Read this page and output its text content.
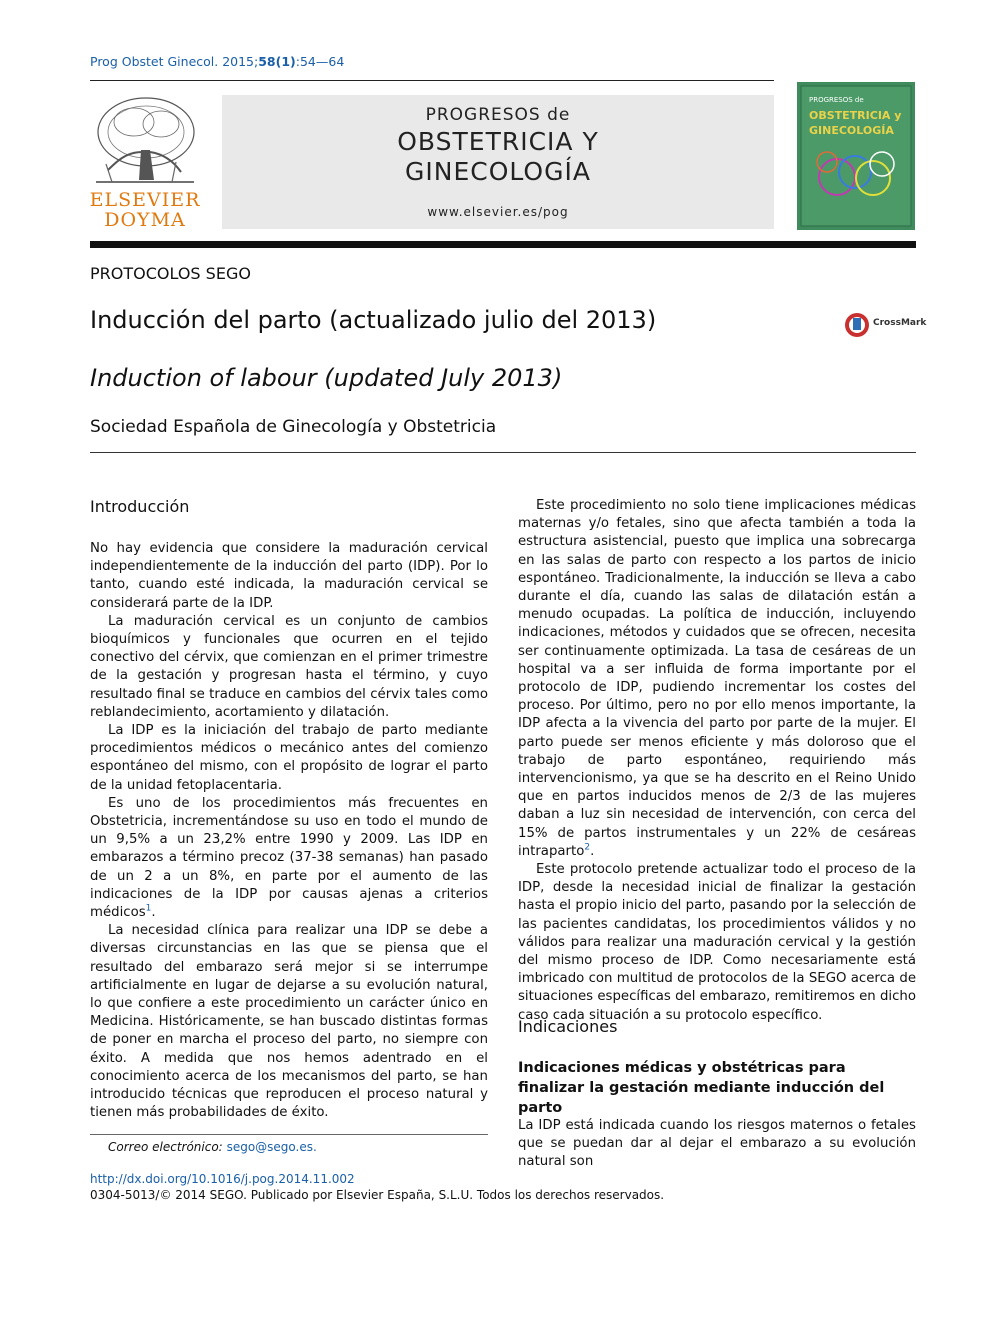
Prog Obstet Ginecol. 2015;58(1):54—64
ELSEVIER
DOYMA
PROGRESOS de
OBSTETRICIA Y
GINECOLOGÍA
www.elsevier.es/pog
PROGRESOS de
OBSTETRICIA y
GINECOLOGÍA
PROTOCOLOS SEGO
Inducción del parto (actualizado julio del 2013)
Induction of labour (updated July 2013)
CrossMark
Sociedad Española de Ginecología y Obstetricia
Introducción

No hay evidencia que considere la maduración cervical independientemente de la inducción del parto (IDP). Por lo tanto, cuando esté indicada, la maduración cervical se considerará parte de la IDP.

La maduración cervical es un conjunto de cambios bioquímicos y funcionales que ocurren en el tejido conectivo del cérvix, que comienzan en el primer trimestre de la gestación y progresan hasta el término, y cuyo resultado final se traduce en cambios del cérvix tales como reblandecimiento, acortamiento y dilatación.

La IDP es la iniciación del trabajo de parto mediante procedimientos médicos o mecánico antes del comienzo espontáneo del mismo, con el propósito de lograr el parto de la unidad fetoplacentaria.

Es uno de los procedimientos más frecuentes en Obstetricia, incrementándose su uso en todo el mundo de un 9,5% a un 23,2% entre 1990 y 2009. Las IDP en embarazos a término precoz (37-38 semanas) han pasado de un 2 a un 8%, en parte por el aumento de las indicaciones de la IDP por causas ajenas a criterios médicos$^1$.

La necesidad clínica para realizar una IDP se debe a diversas circunstancias en las que se piensa que el resultado del embarazo será mejor si se interrumpe artificialmente en lugar de dejarse a su evolución natural, lo que confiere a este procedimiento un carácter único en Medicina. Históricamente, se han buscado distintas formas de poner en marcha el proceso del parto, no siempre con éxito. A medida que nos hemos adentrado en el conocimiento acerca de los mecanismos del parto, se han introducido técnicas que reproducen el proceso natural y tienen más probabilidades de éxito.

Este procedimiento no solo tiene implicaciones médicas maternas y/o fetales, sino que afecta también a toda la estructura asistencial, puesto que implica una sobrecarga en las salas de parto con respecto a los partos de inicio espontáneo. Tradicionalmente, la inducción se lleva a cabo durante el día, cuando las salas de dilatación están a menudo ocupadas. La política de inducción, incluyendo indicaciones, métodos y cuidados que se ofrecen, necesita ser continuamente optimizada. La tasa de cesáreas de un hospital va a ser influida de forma importante por el protocolo de IDP, pudiendo incrementar los costes del proceso. Por último, pero no por ello menos importante, la IDP afecta a la vivencia del parto por parte de la mujer. El parto puede ser menos eficiente y más doloroso que el trabajo de parto espontáneo, requiriendo más intervencionismo, ya que se ha descrito en el Reino Unido que en partos inducidos menos de 2/3 de las mujeres daban a luz sin necesidad de intervención, con cerca del 15% de partos instrumentales y un 22% de cesáreas intraparto$^2$.

Este protocolo pretende actualizar todo el proceso de la IDP, desde la necesidad inicial de finalizar la gestación hasta el propio inicio del parto, pasando por la selección de las pacientes candidatas, los procedimientos válidos y no válidos para realizar una maduración cervical y la gestión del mismo proceso de IDP. Como necesariamente está imbricado con multitud de protocolos de la SEGO acerca de situaciones específicas del embarazo, remitiremos en dicho caso cada situación a su protocolo específico.

Indicaciones
Indicaciones médicas y obstétricas para finalizar la gestación mediante inducción del parto

La IDP está indicada cuando los riesgos maternos o fetales que se puedan dar al dejar el embarazo a su evolución natural son

Correo electrónico: sego@sego.es.
http://dx.doi.org/10.1016/j.pog.2014.11.002
0304-5013/© 2014 SEGO. Publicado por Elsevier España, S.L.U. Todos los derechos reservados.
